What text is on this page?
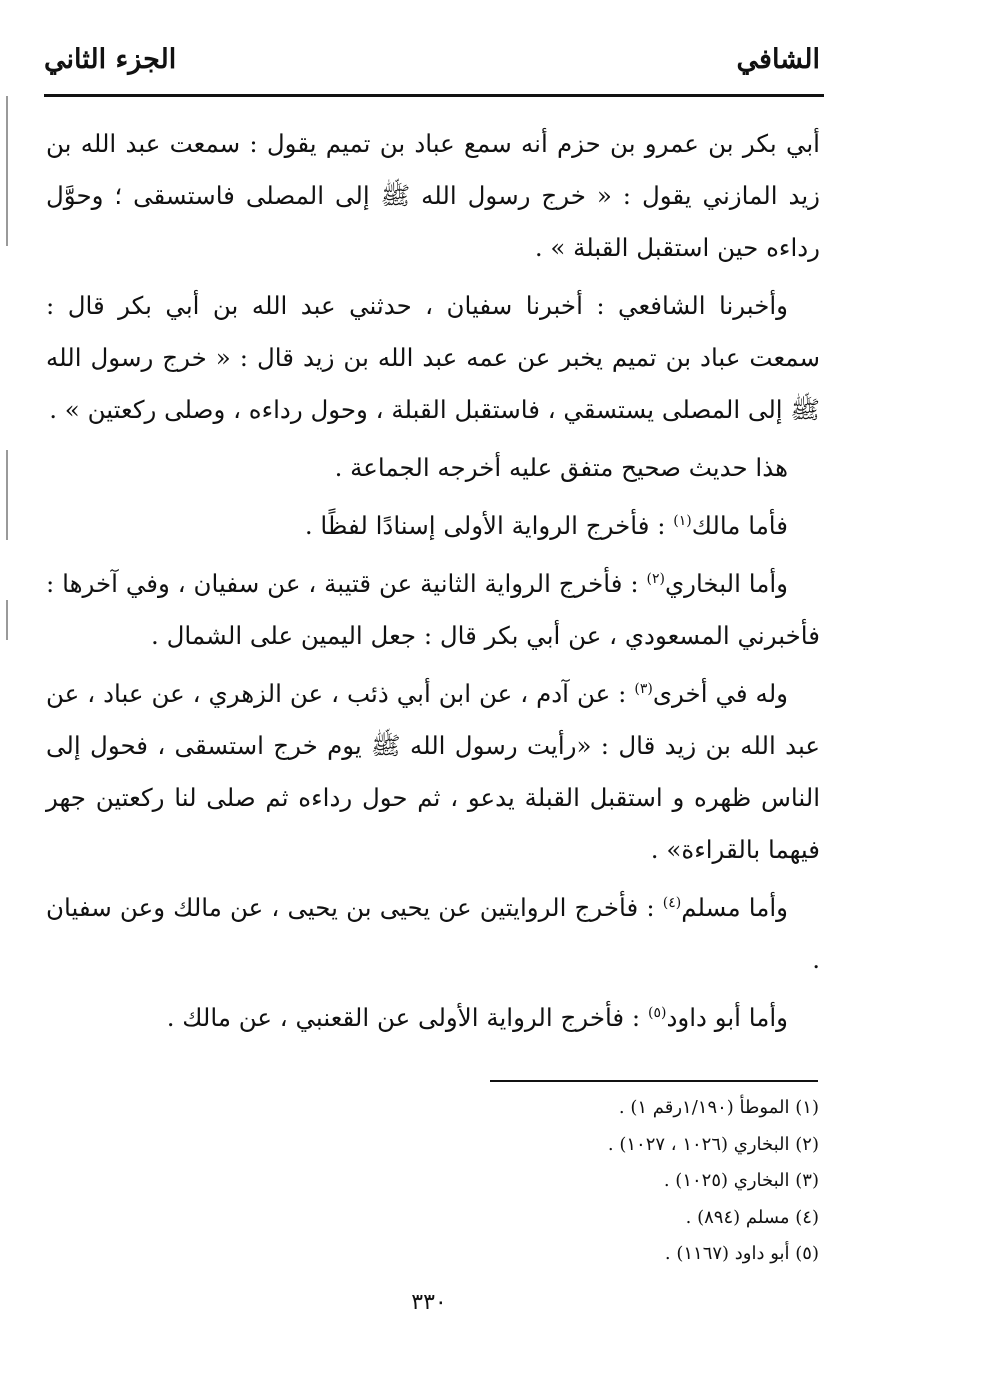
الشافي
الجزء الثاني

أبي بكر بن عمرو بن حزم أنه سمع عباد بن تميم يقول : سمعت عبد الله بن زيد المازني يقول : « خرج رسول الله ﷺ إلى المصلى فاستسقى ؛ وحوَّل رداءه حين استقبل القبلة » .

وأخبرنا الشافعي : أخبرنا سفيان ، حدثني عبد الله بن أبي بكر قال : سمعت عباد بن تميم يخبر عن عمه عبد الله بن زيد قال : « خرج رسول الله ﷺ إلى المصلى يستسقي ، فاستقبل القبلة ، وحول رداءه ، وصلى ركعتين » .

هذا حديث صحيح متفق عليه أخرجه الجماعة .

فأما مالك$^{(١)}$ : فأخرج الرواية الأولى إسنادًا لفظًا .

وأما البخاري$^{(٢)}$ : فأخرج الرواية الثانية عن قتيبة ، عن سفيان ، وفي آخرها : فأخبرني المسعودي ، عن أبي بكر قال : جعل اليمين على الشمال .

وله في أخرى$^{(٣)}$ : عن آدم ، عن ابن أبي ذئب ، عن الزهري ، عن عباد ، عن عبد الله بن زيد قال : «رأيت رسول الله ﷺ يوم خرج استسقى ، فحول إلى الناس ظهره و استقبل القبلة يدعو ، ثم حول رداءه ثم صلى لنا ركعتين جهر فيهما بالقراءة» .

وأما مسلم$^{(٤)}$ : فأخرج الروايتين عن يحيى بن يحيى ، عن مالك وعن سفيان .

وأما أبو داود$^{(٥)}$ : فأخرج الرواية الأولى عن القعنبي ، عن مالك .

(١) الموطأ (١/١٩٠رقم ١) .
(٢) البخاري (١٠٢٦ ، ١٠٢٧) .
(٣) البخاري (١٠٢٥) .
(٤) مسلم (٨٩٤) .
(٥) أبو داود (١١٦٧) .
٣٣٠
